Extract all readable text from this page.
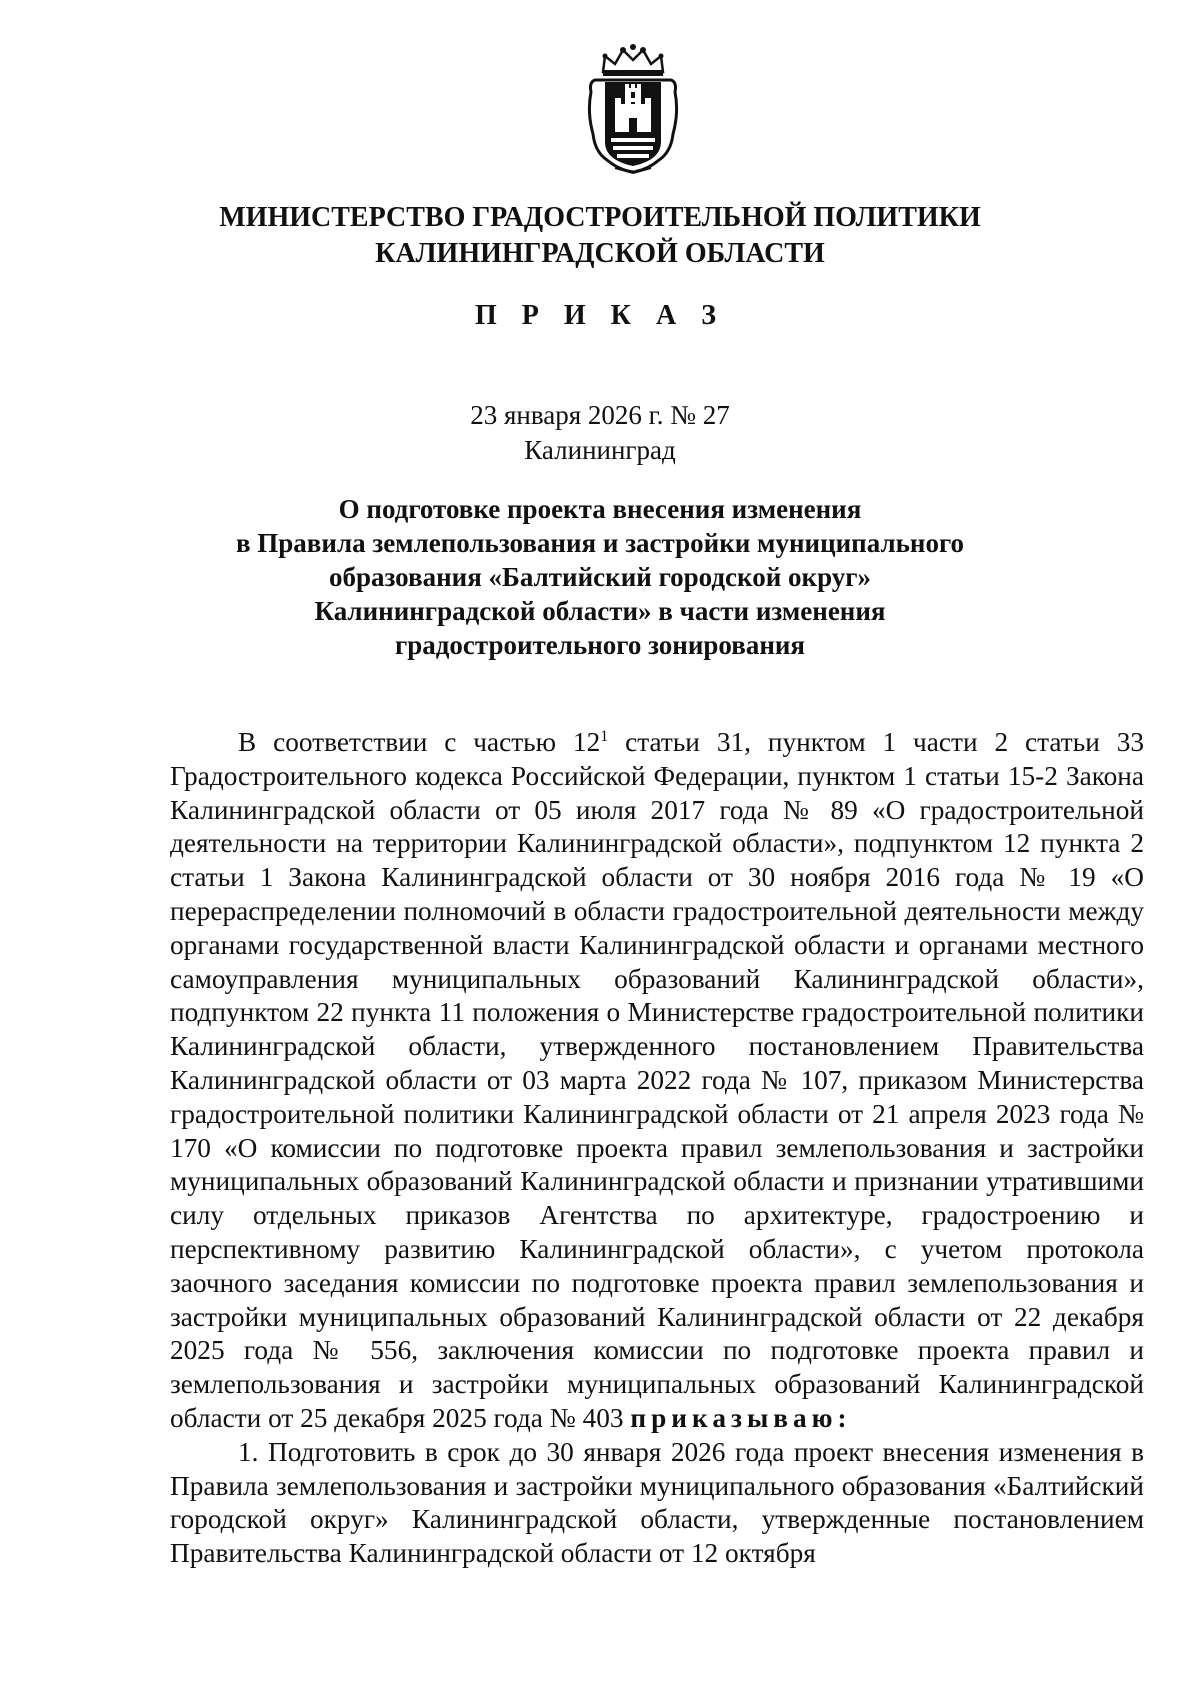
МИНИСТЕРСТВО ГРАДОСТРОИТЕЛЬНОЙ ПОЛИТИКИ
КАЛИНИНГРАДСКОЙ ОБЛАСТИ
П Р И К А З
23 января 2026 г. № 27
Калининград
О подготовке проекта внесения изменения
в Правила землепользования и застройки муниципального
образования «Балтийский городской округ»
Калининградской области» в части изменения
градостроительного зонирования

В соответствии с частью $12^1$ статьи 31, пунктом 1 части 2 статьи 33 Градостроительного кодекса Российской Федерации, пунктом 1 статьи 15-2 Закона Калининградской области от 05 июля 2017 года № 89 «О градостроительной деятельности на территории Калининградской области», подпунктом 12 пункта 2 статьи 1 Закона Калининградской области от 30 ноября 2016 года № 19 «О перераспределении полномочий в области градостроительной деятельности между органами государственной власти Калининградской области и органами местного самоуправления муниципальных образований Калининградской области», подпунктом 22 пункта 11 положения о Министерстве градостроительной политики Калининградской области, утвержденного постановлением Правительства Калининградской области от 03 марта 2022 года № 107, приказом Министерства градостроительной политики Калининградской области от 21 апреля 2023 года № 170 «О комиссии по подготовке проекта правил землепользования и застройки муниципальных образований Калининградской области и признании утратившими силу отдельных приказов Агентства по архитектуре, градостроению и перспективному развитию Калининградской области», с учетом протокола заочного заседания комиссии по подготовке проекта правил землепользования и застройки муниципальных образований Калининградской области от 22 декабря 2025 года № 556, заключения комиссии по подготовке проекта правил и землепользования и застройки муниципальных образований Калининградской области от 25 декабря 2025 года № 403 приказываю:

1. Подготовить в срок до 30 января 2026 года проект внесения изменения в Правила землепользования и застройки муниципального образования «Балтийский городской округ» Калининградской области, утвержденные постановлением Правительства Калининградской области от 12 октября
